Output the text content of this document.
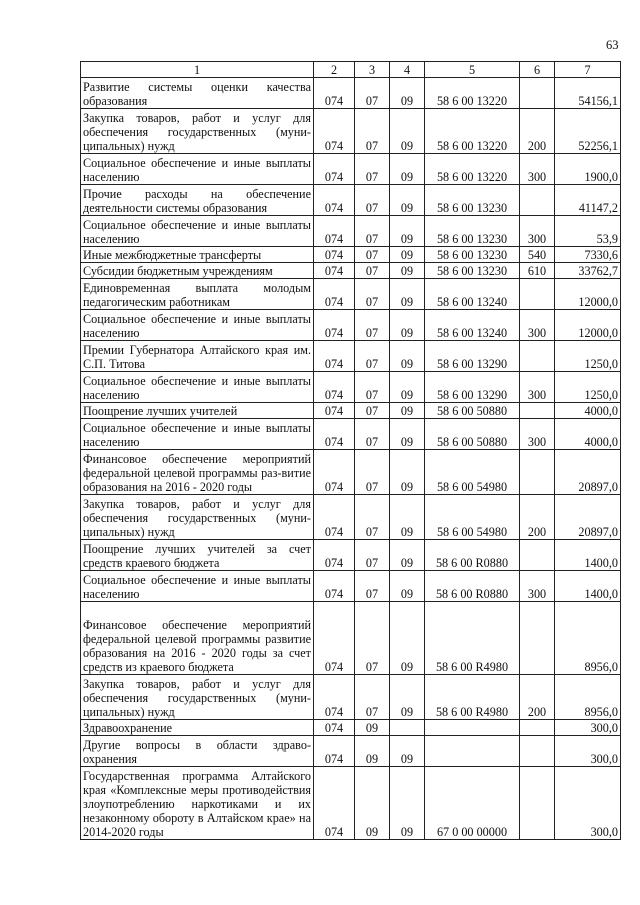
63
1	2	3	4	5	6	7
Развитие системы оценки качества образования	074	07	09	58 6 00 13220		54156,1
Закупка товаров, работ и услуг для обеспечения государственных (муни-ципальных) нужд	074	07	09	58 6 00 13220	200	52256,1
Социальное обеспечение и иные выплаты населению	074	07	09	58 6 00 13220	300	1900,0
Прочие расходы на обеспечение деятельности системы образования	074	07	09	58 6 00 13230		41147,2
Социальное обеспечение и иные выплаты населению	074	07	09	58 6 00 13230	300	53,9
Иные межбюджетные трансферты	074	07	09	58 6 00 13230	540	7330,6
Субсидии бюджетным учреждениям	074	07	09	58 6 00 13230	610	33762,7
Единовременная выплата молодым педагогическим работникам	074	07	09	58 6 00 13240		12000,0
Социальное обеспечение и иные выплаты населению	074	07	09	58 6 00 13240	300	12000,0
Премии Губернатора Алтайского края им. С.П. Титова	074	07	09	58 6 00 13290		1250,0
Социальное обеспечение и иные выплаты населению	074	07	09	58 6 00 13290	300	1250,0
Поощрение лучших учителей	074	07	09	58 6 00 50880		4000,0
Социальное обеспечение и иные выплаты населению	074	07	09	58 6 00 50880	300	4000,0
Финансовое обеспечение мероприятий федеральной целевой программы раз-витие образования на 2016 - 2020 годы	074	07	09	58 6 00 54980		20897,0
Закупка товаров, работ и услуг для обеспечения государственных (муни-ципальных) нужд	074	07	09	58 6 00 54980	200	20897,0
Поощрение лучших учителей за счет средств краевого бюджета	074	07	09	58 6 00 R0880		1400,0
Социальное обеспечение и иные выплаты населению	074	07	09	58 6 00 R0880	300	1400,0
Финансовое обеспечение мероприятий федеральной целевой программы развитие образования на 2016 - 2020 годы за счет средств из краевого бюджета	074	07	09	58 6 00 R4980		8956,0
Закупка товаров, работ и услуг для обеспечения государственных (муни-ципальных) нужд	074	07	09	58 6 00 R4980	200	8956,0
Здравоохранение	074	09				300,0
Другие вопросы в области здраво-охранения	074	09	09			300,0
Государственная программа Алтайского края «Комплексные меры противодействия злоупотреблению наркотиками и их незаконному обороту в Алтайском крае» на 2014-2020 годы	074	09	09	67 0 00 00000		300,0
